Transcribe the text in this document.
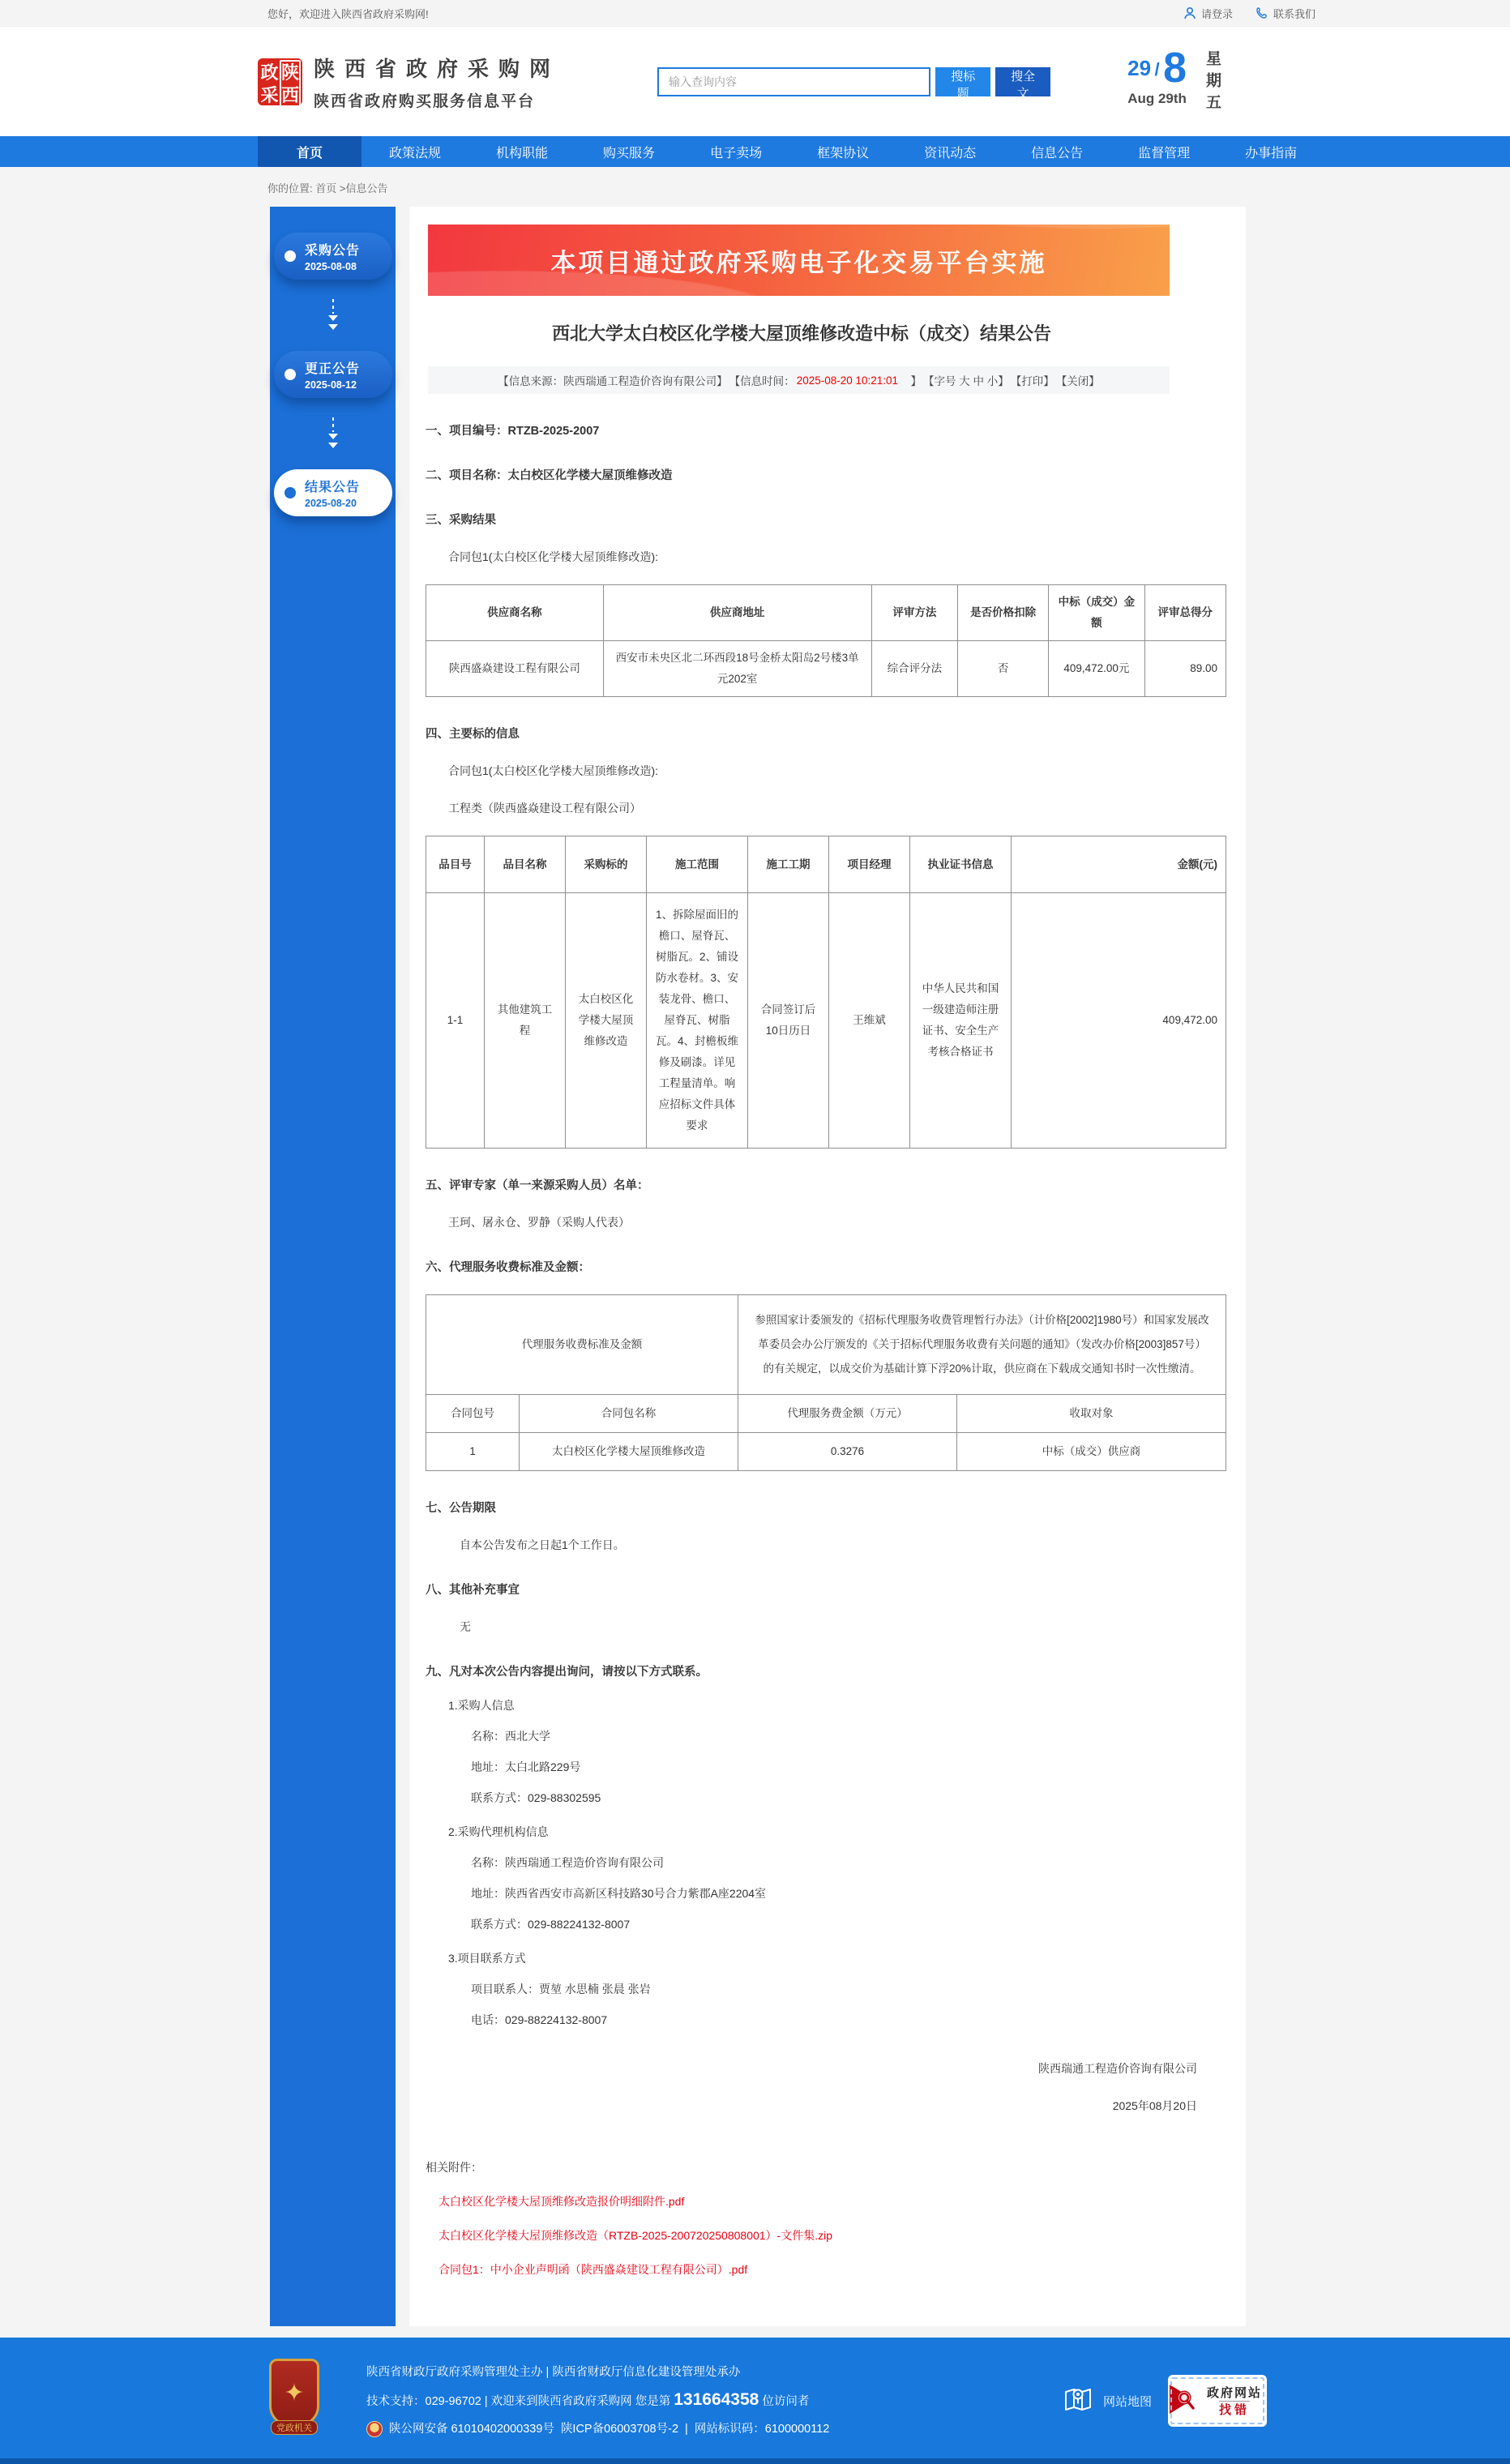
您好，欢迎进入陕西省政府采购网!	请登录	联系我们
政
采
陕
西
陕西省政府采购网
陕西省政府购买服务信息平台
输入查询内容
搜标题
搜全文
29 / 8
Aug 29th 星期五
首页	政策法规	机构职能	购买服务	电子卖场	框架协议	资讯动态	信息公告	监督管理	办事指南
你的位置: 首页 >信息公告
采购公告
2025-08-08
更正公告
2025-08-12
结果公告
2025-08-20
本项目通过政府采购电子化交易平台实施
西北大学太白校区化学楼大屋顶维修改造中标（成交）结果公告
【信息来源：陕西瑞通工程造价咨询有限公司】 【信息时间： 2025-08-20 10:21:01 　】 【字号 大 中 小】 【打印】 【关闭】
一、项目编号：RTZB-2025-2007
二、项目名称：太白校区化学楼大屋顶维修改造
三、采购结果
合同包1(太白校区化学楼大屋顶维修改造):
供应商名称	供应商地址	评审方法	是否价格扣除	中标（成交）金额	评审总得分
陕西盛焱建设工程有限公司	西安市未央区北二环西段18号金桥太阳岛2号楼3单元202室	综合评分法	否	409,472.00元	89.00
四、主要标的信息
合同包1(太白校区化学楼大屋顶维修改造):
工程类（陕西盛焱建设工程有限公司）
品目号	品目名称	采购标的	施工范围	施工工期	项目经理	执业证书信息	金额(元)
1-1	其他建筑工程	太白校区化学楼大屋顶维修改造	1、拆除屋面旧的檐口、屋脊瓦、树脂瓦。2、铺设防水卷材。3、安装龙骨、檐口、屋脊瓦、树脂瓦。4、封檐板维修及刷漆。详见工程量清单。响应招标文件具体要求	合同签订后10日历日	王维斌	中华人民共和国一级建造师注册证书、安全生产考核合格证书	409,472.00
五、评审专家（单一来源采购人员）名单：
王珂、屠永仓、罗静（采购人代表）
六、代理服务收费标准及金额：
代理服务收费标准及金额		参照国家计委颁发的《招标代理服务收费管理暂行办法》（计价格[2002]1980号）和国家发展改革委员会办公厅颁发的《关于招标代理服务收费有关问题的通知》（发改办价格[2003]857号）的有关规定，以成交价为基础计算下浮20%计取，供应商在下载成交通知书时一次性缴清。	
合同包号	合同包名称	代理服务费金额（万元）	收取对象
1	太白校区化学楼大屋顶维修改造	0.3276	中标（成交）供应商
七、公告期限
自本公告发布之日起1个工作日。
八、其他补充事宜
无
九、凡对本次公告内容提出询问，请按以下方式联系。
1.采购人信息
名称：西北大学
地址：太白北路229号
联系方式：029-88302595
2.采购代理机构信息
名称：陕西瑞通工程造价咨询有限公司
地址：陕西省西安市高新区科技路30号合力紫郡A座2204室
联系方式：029-88224132-8007
3.项目联系方式
项目联系人：贾堃 水思楠 张晨 张岩
电话：029-88224132-8007
陕西瑞通工程造价咨询有限公司
2025年08月20日
相关附件：
太白校区化学楼大屋顶维修改造报价明细附件.pdf
太白校区化学楼大屋顶维修改造（RTZB-2025-200720250808001）-文件集.zip
合同包1：中小企业声明函（陕西盛焱建设工程有限公司）.pdf
✦
党政机关
陕西省财政厅政府采购管理处主办 | 陕西省财政厅信息化建设管理处承办
技术支持：029-96702 | 欢迎来到陕西省政府采购网 您是第 131664358 位访问者
陕公网安备 61010402000339号 陕ICP备06003708号-2 | 网站标识码：6100000112
网站地图
政府网站 找错
